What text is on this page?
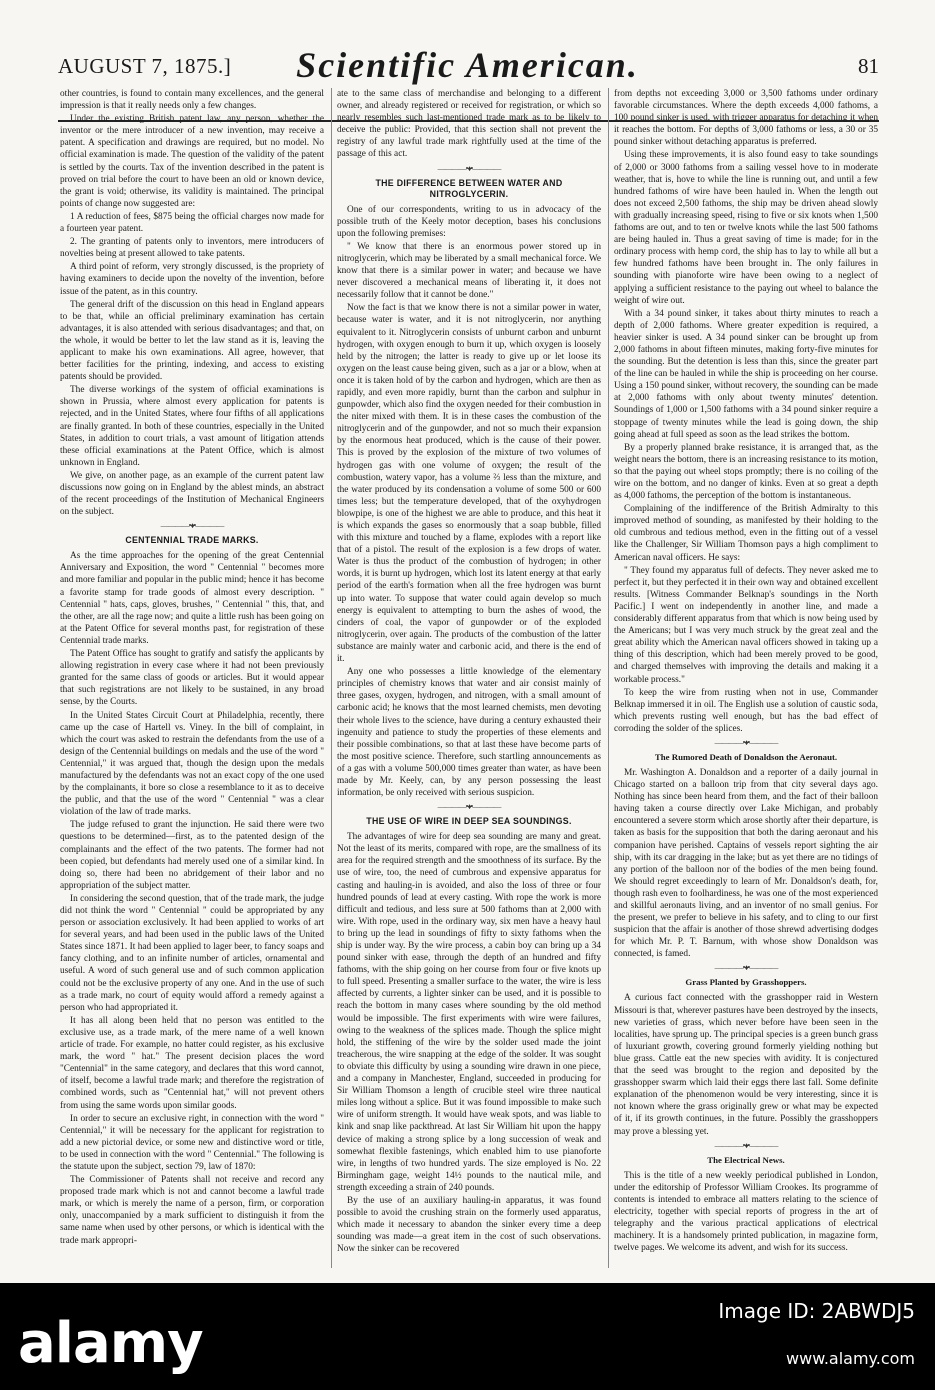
AUGUST 7, 1875.]	Scientific American.	81

other countries, is found to contain many excellences, and the general impression is that it really needs only a few changes.

Under the existing British patent law, any person, whether the inventor or the mere introducer of a new invention, may receive a patent. A specification and drawings are required, but no model. No official examination is made. The question of the validity of the patent is settled by the courts. Tax of the invention described in the patent is proved on trial before the court to have been an old or known device, the grant is void; otherwise, its validity is maintained. The principal points of change now suggested are:

1 A reduction of fees, $875 being the official charges now made for a fourteen year patent.

2. The granting of patents only to inventors, mere introducers of novelties being at present allowed to take patents.

A third point of reform, very strongly discussed, is the propriety of having examiners to decide upon the novelty of the invention, before issue of the patent, as in this country.

The general drift of the discussion on this head in England appears to be that, while an official preliminary examination has certain advantages, it is also attended with serious disadvantages; and that, on the whole, it would be better to let the law stand as it is, leaving the applicant to make his own examinations. All agree, however, that better facilities for the printing, indexing, and access to existing patents should be provided.

The diverse workings of the system of official examinations is shown in Prussia, where almost every application for patents is rejected, and in the United States, where four fifths of all applications are finally granted. In both of these countries, especially in the United States, in addition to court trials, a vast amount of litigation attends these official examinations at the Patent Office, which is almost unknown in England.

We give, on another page, as an example of the current patent law discussions now going on in England by the ablest minds, an abstract of the recent proceedings of the Institution of Mechanical Engineers on the subject.

————•♦•————
CENTENNIAL TRADE MARKS.

As the time approaches for the opening of the great Centennial Anniversary and Exposition, the word " Centennial " becomes more and more familiar and popular in the public mind; hence it has become a favorite stamp for trade goods of almost every description. " Centennial " hats, caps, gloves, brushes, " Centennial " this, that, and the other, are all the rage now; and quite a little rush has been going on at the Patent Office for several months past, for registration of these Centennial trade marks.

The Patent Office has sought to gratify and satisfy the applicants by allowing registration in every case where it had not been previously granted for the same class of goods or articles. But it would appear that such registrations are not likely to be sustained, in any broad sense, by the Courts.

In the United States Circuit Court at Philadelphia, recently, there came up the case of Hartell vs. Viney. In the bill of complaint, in which the court was asked to restrain the defendants from the use of a design of the Centennial buildings on medals and the use of the word " Centennial," it was argued that, though the design upon the medals manufactured by the defendants was not an exact copy of the one used by the complainants, it bore so close a resemblance to it as to deceive the public, and that the use of the word " Centennial " was a clear violation of the law of trade marks.

The judge refused to grant the injunction. He said there were two questions to be determined—first, as to the patented design of the complainants and the effect of the two patents. The former had not been copied, but defendants had merely used one of a similar kind. In doing so, there had been no abridgement of their labor and no appropriation of the subject matter.

In considering the second question, that of the trade mark, the judge did not think the word " Centennial " could be appropriated by any person or association exclusively. It had been applied to works of art for several years, and had been used in the public laws of the United States since 1871. It had been applied to lager beer, to fancy soaps and fancy clothing, and to an infinite number of articles, ornamental and useful. A word of such general use and of such common application could not be the exclusive property of any one. And in the use of such as a trade mark, no court of equity would afford a remedy against a person who had appropriated it.

It has all along been held that no person was entitled to the exclusive use, as a trade mark, of the mere name of a well known article of trade. For example, no hatter could register, as his exclusive mark, the word " hat." The present decision places the word "Centennial" in the same category, and declares that this word cannot, of itself, become a lawful trade mark; and therefore the registration of combined words, such as "Centennial hat," will not prevent others from using the same words upon similar goods.

In order to secure an exclusive right, in connection with the word " Centennial," it will be necessary for the applicant for registration to add a new pictorial device, or some new and distinctive word or title, to be used in connection with the word " Centennial." The following is the statute upon the subject, section 79, law of 1870:

The Commissioner of Patents shall not receive and record any proposed trade mark which is not and cannot become a lawful trade mark, or which is merely the name of a person, firm, or corporation only, unaccompanied by a mark sufficient to distinguish it from the same name when used by other persons, or which is identical with the trade mark appropri-

ate to the same class of merchandise and belonging to a different owner, and already registered or received for registration, or which so nearly resembles such last-mentioned trade mark as to be likely to deceive the public: Provided, that this section shall not prevent the registry of any lawful trade mark rightfully used at the time of the passage of this act.

————•♦•————
THE DIFFERENCE BETWEEN WATER AND NITROGLYCERIN.

One of our correspondents, writing to us in advocacy of the possible truth of the Keely motor deception, bases his conclusions upon the following premises:

" We know that there is an enormous power stored up in nitroglycerin, which may be liberated by a small mechanical force. We know that there is a similar power in water; and because we have never discovered a mechanical means of liberating it, it does not necessarily follow that it cannot be done."

Now the fact is that we know there is not a similar power in water, because water is water, and it is not nitroglycerin, nor anything equivalent to it. Nitroglycerin consists of unburnt carbon and unburnt hydrogen, with oxygen enough to burn it up, which oxygen is loosely held by the nitrogen; the latter is ready to give up or let loose its oxygen on the least cause being given, such as a jar or a blow, when at once it is taken hold of by the carbon and hydrogen, which are then as rapidly, and even more rapidly, burnt than the carbon and sulphur in gunpowder, which also find the oxygen needed for their combustion in the niter mixed with them. It is in these cases the combustion of the nitroglycerin and of the gunpowder, and not so much their expansion by the enormous heat produced, which is the cause of their power. This is proved by the explosion of the mixture of two volumes of hydrogen gas with one volume of oxygen; the result of the combustion, watery vapor, has a volume ⅔ less than the mixture, and the water produced by its condensation a volume of some 500 or 600 times less; but the temperature developed, that of the oxyhydrogen blowpipe, is one of the highest we are able to produce, and this heat it is which expands the gases so enormously that a soap bubble, filled with this mixture and touched by a flame, explodes with a report like that of a pistol. The result of the explosion is a few drops of water. Water is thus the product of the combustion of hydrogen; in other words, it is burnt up hydrogen, which lost its latent energy at that early period of the earth's formation when all the free hydrogen was burnt up into water. To suppose that water could again develop so much energy is equivalent to attempting to burn the ashes of wood, the cinders of coal, the vapor of gunpowder or of the exploded nitroglycerin, over again. The products of the combustion of the latter substance are mainly water and carbonic acid, and there is the end of it.

Any one who possesses a little knowledge of the elementary principles of chemistry knows that water and air consist mainly of three gases, oxygen, hydrogen, and nitrogen, with a small amount of carbonic acid; he knows that the most learned chemists, men devoting their whole lives to the science, have during a century exhausted their ingenuity and patience to study the properties of these elements and their possible combinations, so that at last these have become parts of the most positive science. Therefore, such startling announcements as of a gas with a volume 500,000 times greater than water, as have been made by Mr. Keely, can, by any person possessing the least information, be only received with serious suspicion.

————•♦•————
THE USE OF WIRE IN DEEP SEA SOUNDINGS.

The advantages of wire for deep sea sounding are many and great. Not the least of its merits, compared with rope, are the smallness of its area for the required strength and the smoothness of its surface. By the use of wire, too, the need of cumbrous and expensive apparatus for casting and hauling-in is avoided, and also the loss of three or four hundred pounds of lead at every casting. With rope the work is more difficult and tedious, and less sure at 500 fathoms than at 2,000 with wire. With rope, used in the ordinary way, six men have a heavy haul to bring up the lead in soundings of fifty to sixty fathoms when the ship is under way. By the wire process, a cabin boy can bring up a 34 pound sinker with ease, through the depth of an hundred and fifty fathoms, with the ship going on her course from four or five knots up to full speed. Presenting a smaller surface to the water, the wire is less affected by currents, a lighter sinker can be used, and it is possible to reach the bottom in many cases where sounding by the old method would be impossible. The first experiments with wire were failures, owing to the weakness of the splices made. Though the splice might hold, the stiffening of the wire by the solder used made the joint treacherous, the wire snapping at the edge of the solder. It was sought to obviate this difficulty by using a sounding wire drawn in one piece, and a company in Manchester, England, succeeded in producing for Sir William Thomson a length of crucible steel wire three nautical miles long without a splice. But it was found impossible to make such wire of uniform strength. It would have weak spots, and was liable to kink and snap like packthread. At last Sir William hit upon the happy device of making a strong splice by a long succession of weak and somewhat flexible fastenings, which enabled him to use pianoforte wire, in lengths of two hundred yards. The size employed is No. 22 Birmingham gage, weight 14½ pounds to the nautical mile, and strength exceeding a strain of 240 pounds.

By the use of an auxiliary hauling-in apparatus, it was found possible to avoid the crushing strain on the formerly used apparatus, which made it necessary to abandon the sinker every time a deep sounding was made—a great item in the cost of such observations. Now the sinker can be recovered

from depths not exceeding 3,000 or 3,500 fathoms under ordinary favorable circumstances. Where the depth exceeds 4,000 fathoms, a 100 pound sinker is used, with trigger apparatus for detaching it when it reaches the bottom. For depths of 3,000 fathoms or less, a 30 or 35 pound sinker without detaching apparatus is preferred.

Using these improvements, it is also found easy to take soundings of 2,000 or 3000 fathoms from a sailing vessel hove to in moderate weather, that is, hove to while the line is running out, and until a few hundred fathoms of wire have been hauled in. When the length out does not exceed 2,500 fathoms, the ship may be driven ahead slowly with gradually increasing speed, rising to five or six knots when 1,500 fathoms are out, and to ten or twelve knots while the last 500 fathoms are being hauled in. Thus a great saving of time is made; for in the ordinary process with hemp cord, the ship has to lay to while all but a few hundred fathoms have been brought in. The only failures in sounding with pianoforte wire have been owing to a neglect of applying a sufficient resistance to the paying out wheel to balance the weight of wire out.

With a 34 pound sinker, it takes about thirty minutes to reach a depth of 2,000 fathoms. Where greater expedition is required, a heavier sinker is used. A 34 pound sinker can be brought up from 2,000 fathoms in about fifteen minutes, making forty-five minutes for the sounding. But the detention is less than this, since the greater part of the line can be hauled in while the ship is proceeding on her course. Using a 150 pound sinker, without recovery, the sounding can be made at 2,000 fathoms with only about twenty minutes' detention. Soundings of 1,000 or 1,500 fathoms with a 34 pound sinker require a stoppage of twenty minutes while the lead is going down, the ship going ahead at full speed as soon as the lead strikes the bottom.

By a properly planned brake resistance, it is arranged that, as the weight nears the bottom, there is an increasing resistance to its motion, so that the paying out wheel stops promptly; there is no coiling of the wire on the bottom, and no danger of kinks. Even at so great a depth as 4,000 fathoms, the perception of the bottom is instantaneous.

Complaining of the indifference of the British Admiralty to this improved method of sounding, as manifested by their holding to the old cumbrous and tedious method, even in the fitting out of a vessel like the Challenger, Sir William Thomson pays a high compliment to American naval officers. He says:

" They found my apparatus full of defects. They never asked me to perfect it, but they perfected it in their own way and obtained excellent results. [Witness Commander Belknap's soundings in the North Pacific.] I went on independently in another line, and made a considerably different apparatus from that which is now being used by the Americans; but I was very much struck by the great zeal and the great ability which the American naval officers showed in taking up a thing of this description, which had been merely proved to be good, and charged themselves with improving the details and making it a workable process."

To keep the wire from rusting when not in use, Commander Belknap immersed it in oil. The English use a solution of caustic soda, which prevents rusting well enough, but has the bad effect of corroding the solder of the splices.

————•♦•————
The Rumored Death of Donaldson the Aeronaut.

Mr. Washington A. Donaldson and a reporter of a daily journal in Chicago started on a balloon trip from that city several days ago. Nothing has since been heard from them, and the fact of their balloon having taken a course directly over Lake Michigan, and probably encountered a severe storm which arose shortly after their departure, is taken as basis for the supposition that both the daring aeronaut and his companion have perished. Captains of vessels report sighting the air ship, with its car dragging in the lake; but as yet there are no tidings of any portion of the balloon nor of the bodies of the men being found. We should regret exceedingly to learn of Mr. Donaldson's death, for, though rash even to foolhardiness, he was one of the most experienced and skillful aeronauts living, and an inventor of no small genius. For the present, we prefer to believe in his safety, and to cling to our first suspicion that the affair is another of those shrewd advertising dodges for which Mr. P. T. Barnum, with whose show Donaldson was connected, is famed.

————•♦•————
Grass Planted by Grasshoppers.

A curious fact connected with the grasshopper raid in Western Missouri is that, wherever pastures have been destroyed by the insects, new varieties of grass, which never before have been seen in the localities, have sprung up. The principal species is a green bunch grass of luxuriant growth, covering ground formerly yielding nothing but blue grass. Cattle eat the new species with avidity. It is conjectured that the seed was brought to the region and deposited by the grasshopper swarm which laid their eggs there last fall. Some definite explanation of the phenomenon would be very interesting, since it is not known where the grass originally grew or what may be expected of it, if its growth continues, in the future. Possibly the grasshoppers may prove a blessing yet.

————•♦•————
The Electrical News.

This is the title of a new weekly periodical published in London, under the editorship of Professor William Crookes. Its programme of contents is intended to embrace all matters relating to the science of electricity, together with special reports of progress in the art of telegraphy and the various practical applications of electrical machinery. It is a handsomely printed publication, in magazine form, twelve pages. We welcome its advent, and wish for its success.

alamy	Image ID: 2ABWDJ5
www.alamy.com
